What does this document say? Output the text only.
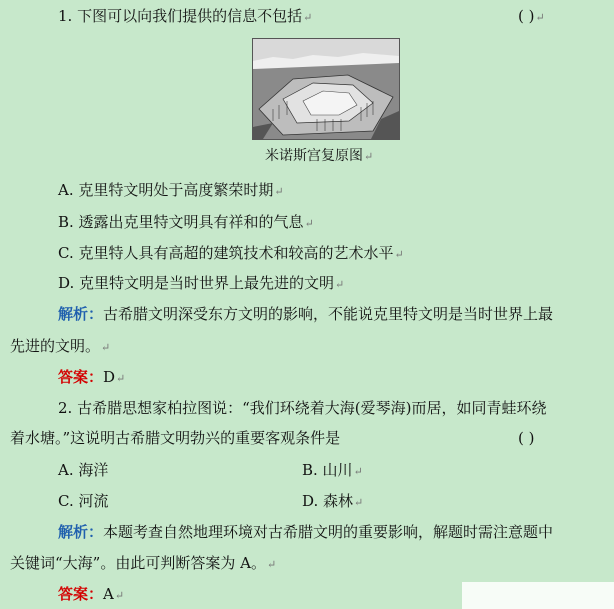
1. 下图可以向我们提供的信息不包括↵	( )↵
米诺斯宫复原图↵
A. 克里特文明处于高度繁荣时期↵
B. 透露出克里特文明具有祥和的气息↵
C. 克里特人具有高超的建筑技术和较高的艺术水平↵
D. 克里特文明是当时世界上最先进的文明↵
解析：古希腊文明深受东方文明的影响，不能说克里特文明是当时世界上最
先进的文明。↵
答案：D↵
2. 古希腊思想家柏拉图说：“我们环绕着大海(爱琴海)而居，如同青蛙环绕
着水塘。”这说明古希腊文明勃兴的重要客观条件是	( )
A. 海洋	B. 山川↵
C. 河流	D. 森林↵
解析：本题考查自然地理环境对古希腊文明的重要影响，解题时需注意题中
关键词“大海”。由此可判断答案为 A。↵
答案：A↵
